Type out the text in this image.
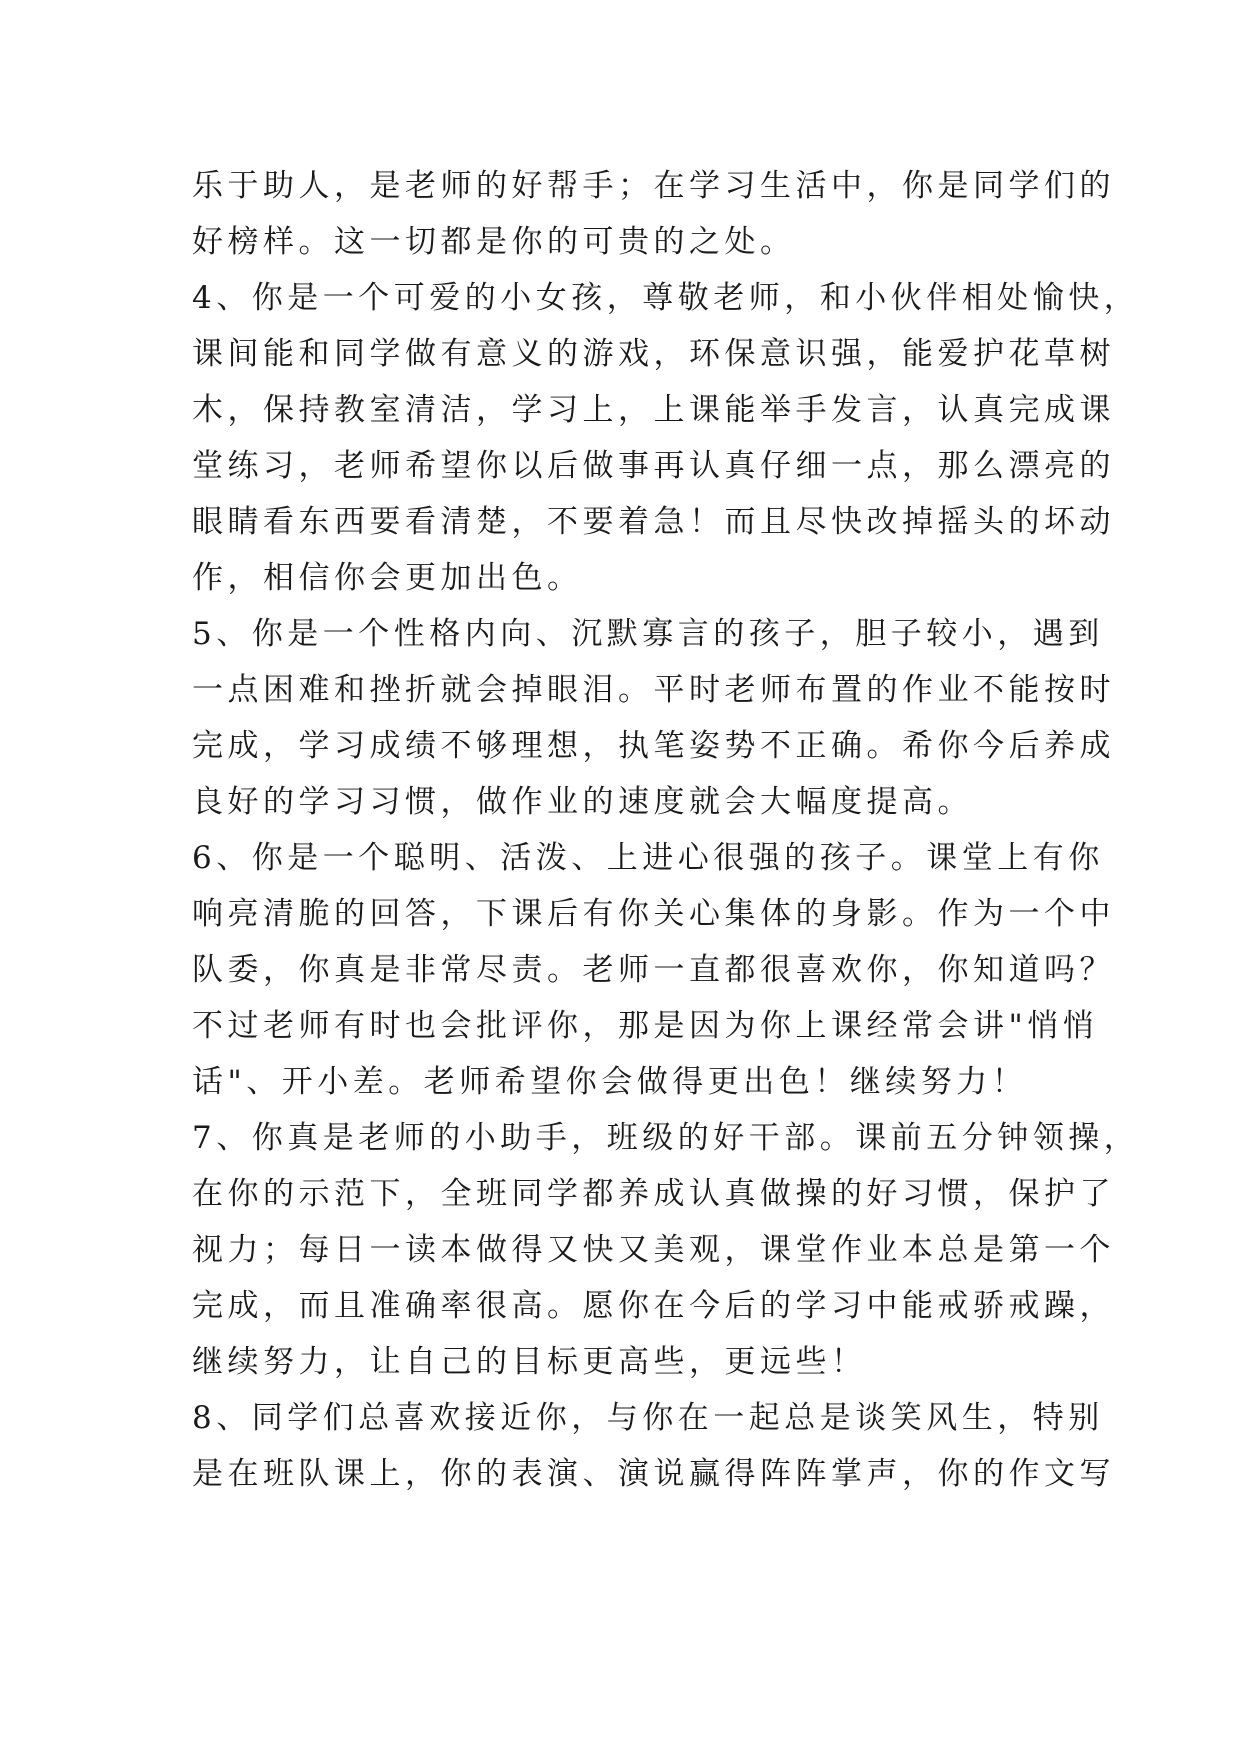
乐于助人，是老师的好帮手；在学习生活中，你是同学们的
好榜样。这一切都是你的可贵的之处。
4、你是一个可爱的小女孩，尊敬老师，和小伙伴相处愉快，
课间能和同学做有意义的游戏，环保意识强，能爱护花草树
木，保持教室清洁，学习上，上课能举手发言，认真完成课
堂练习，老师希望你以后做事再认真仔细一点，那么漂亮的
眼睛看东西要看清楚，不要着急！而且尽快改掉摇头的坏动
作，相信你会更加出色。
5、你是一个性格内向、沉默寡言的孩子，胆子较小，遇到
一点困难和挫折就会掉眼泪。平时老师布置的作业不能按时
完成，学习成绩不够理想，执笔姿势不正确。希你今后养成
良好的学习习惯，做作业的速度就会大幅度提高。
6、你是一个聪明、活泼、上进心很强的孩子。课堂上有你
响亮清脆的回答，下课后有你关心集体的身影。作为一个中
队委，你真是非常尽责。老师一直都很喜欢你，你知道吗？
不过老师有时也会批评你，那是因为你上课经常会讲"悄悄
话"、开小差。老师希望你会做得更出色！继续努力！
7、你真是老师的小助手，班级的好干部。课前五分钟领操，
在你的示范下，全班同学都养成认真做操的好习惯，保护了
视力；每日一读本做得又快又美观，课堂作业本总是第一个
完成，而且准确率很高。愿你在今后的学习中能戒骄戒躁，
继续努力，让自己的目标更高些，更远些！
8、同学们总喜欢接近你，与你在一起总是谈笑风生，特别
是在班队课上，你的表演、演说赢得阵阵掌声，你的作文写
